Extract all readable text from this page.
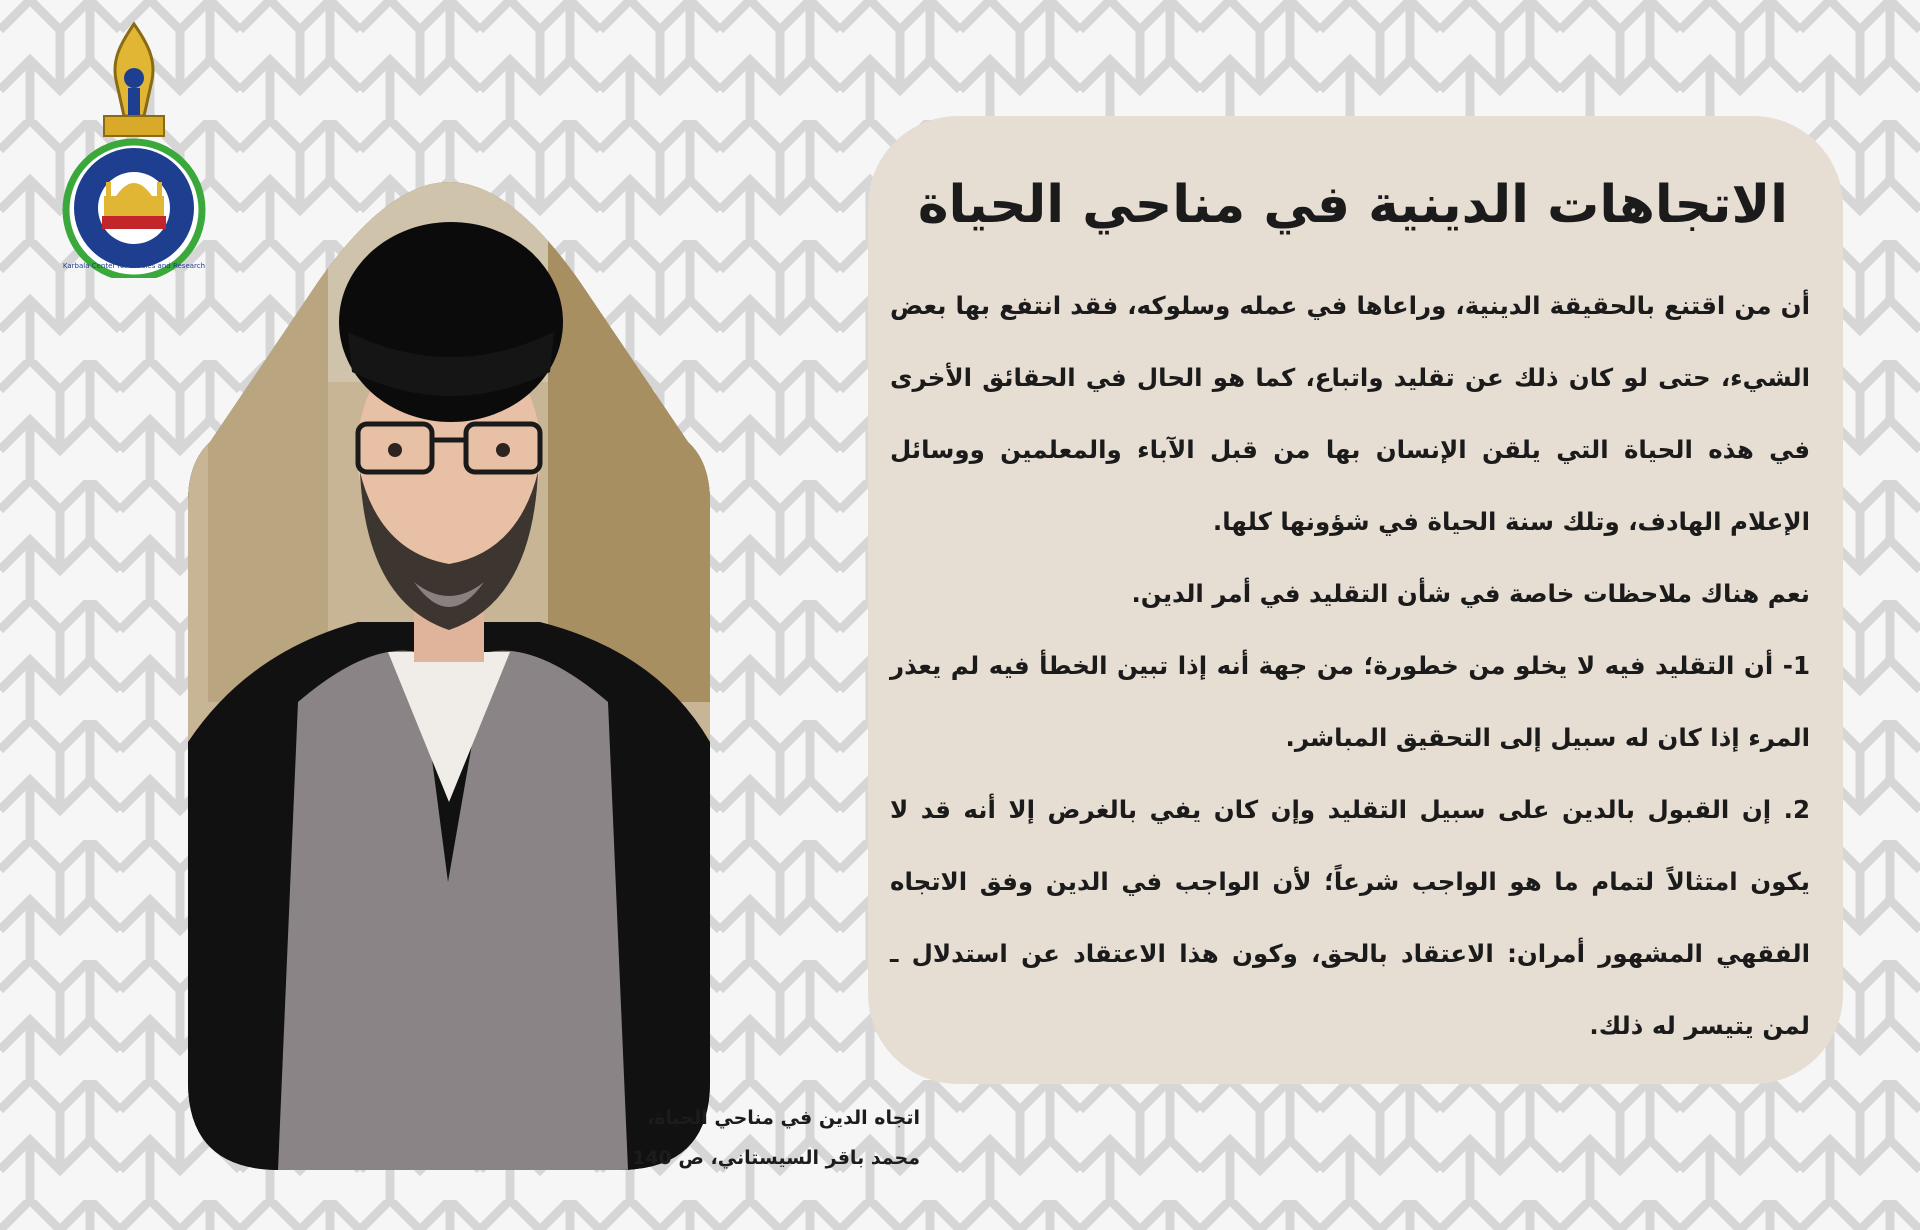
Karbala Center for Studies and Research
اتجاه الدين في مناحي الحياة،
محمد باقر السيستاني، ص 140
الاتجاهات الدينية في مناحي الحياة

أن من اقتنع بالحقيقة الدينية، وراعاها في عمله وسلوكه، فقد انتفع بها بعض الشيء، حتى لو كان ذلك عن تقليد واتباع، كما هو الحال في الحقائق الأخرى في هذه الحياة التي يلقن الإنسان بها من قبل الآباء والمعلمين ووسائل الإعلام الهادف، وتلك سنة الحياة في شؤونها كلها.

نعم هناك ملاحظات خاصة في شأن التقليد في أمر الدين.

1- أن التقليد فيه لا يخلو من خطورة؛ من جهة أنه إذا تبين الخطأ فيه لم يعذر المرء إذا كان له سبيل إلى التحقيق المباشر.

2. إن القبول بالدين على سبيل التقليد وإن كان يفي بالغرض إلا أنه قد لا يكون امتثالاً لتمام ما هو الواجب شرعاً؛ لأن الواجب في الدين وفق الاتجاه الفقهي المشهور أمران: الاعتقاد بالحق، وكون هذا الاعتقاد عن استدلال ـ لمن يتيسر له ذلك.
